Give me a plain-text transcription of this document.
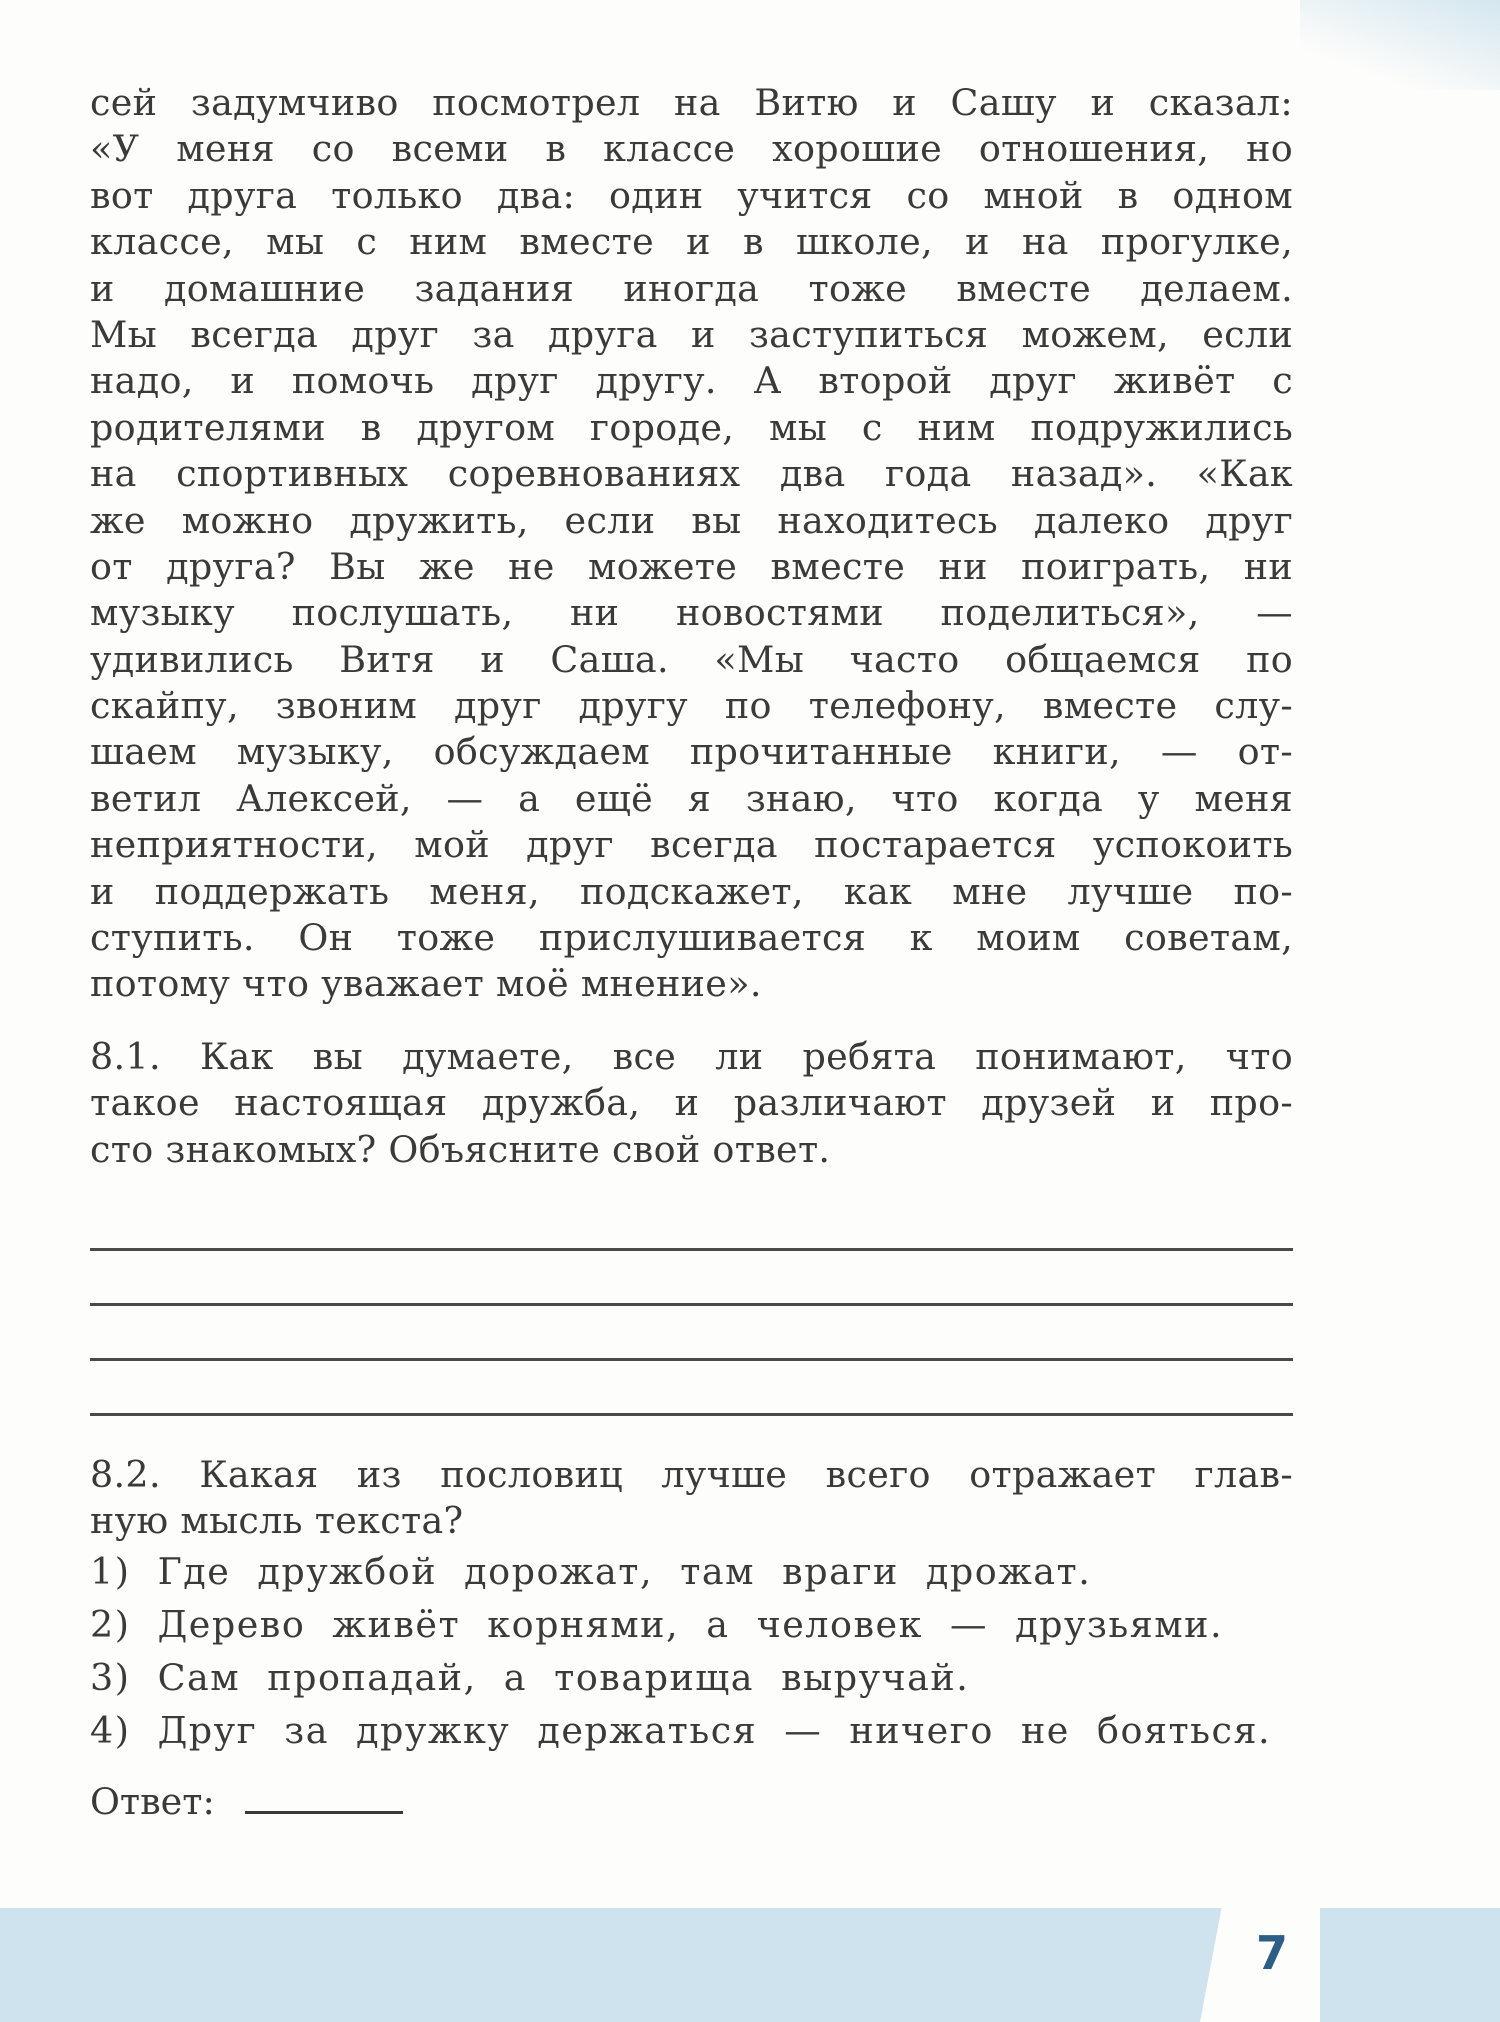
сей задумчиво посмотрел на Витю и Сашу и сказал:
«У меня со всеми в классе хорошие отношения, но
вот друга только два: один учится со мной в одном
классе, мы с ним вместе и в школе, и на прогулке,
и домашние задания иногда тоже вместе делаем.
Мы всегда друг за друга и заступиться можем, если
надо, и помочь друг другу. А второй друг живёт с
родителями в другом городе, мы с ним подружились
на спортивных соревнованиях два года назад». «Как
же можно дружить, если вы находитесь далеко друг
от друга? Вы же не можете вместе ни поиграть, ни
музыку послушать, ни новостями поделиться», —
удивились Витя и Саша. «Мы часто общаемся по
скайпу, звоним друг другу по телефону, вместе слу-
шаем музыку, обсуждаем прочитанные книги, — от-
ветил Алексей, — а ещё я знаю, что когда у меня
неприятности, мой друг всегда постарается успокоить
и поддержать меня, подскажет, как мне лучше по-
ступить. Он тоже прислушивается к моим советам,
потому что уважает моё мнение».
8.1. Как вы думаете, все ли ребята понимают, что
такое настоящая дружба, и различают друзей и про-
сто знакомых? Объясните свой ответ.
8.2. Какая из пословиц лучше всего отражает глав-
ную мысль текста?
1) Где дружбой дорожат, там враги дрожат.
2) Дерево живёт корнями, а человек — друзьями.
3) Сам пропадай, а товарища выручай.
4) Друг за дружку держаться — ничего не бояться.
Ответ:
7
